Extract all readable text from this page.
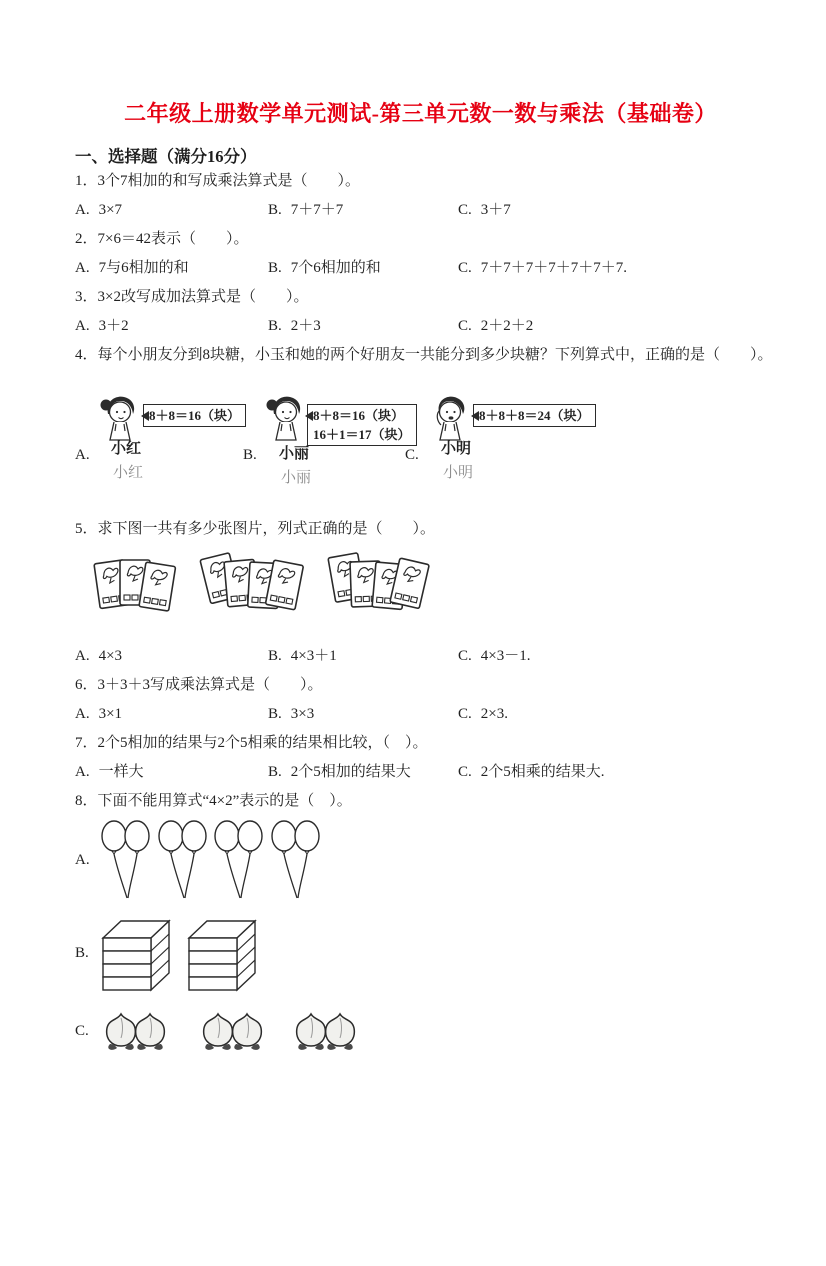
二年级上册数学单元测试-第三单元数一数与乘法（基础卷）
一、选择题（满分16分）
1．3个7相加的和写成乘法算式是（　　）。
A. 3×7	B. 7＋7＋7	C. 3＋7
2．7×6＝42表示（　　）。
A. 7与6相加的和	B. 7个6相加的和	C. 7＋7＋7＋7＋7＋7＋7.
3．3×2改写成加法算式是（　　）。
A. 3＋2	B. 2＋3	C. 2＋2＋2
4．每个小朋友分到8块糖，小玉和她的两个好朋友一共能分到多少块糖？下列算式中，正确的是（　　）。
A.
8＋8＝16（块）
小红
小红
B.
8＋8＝16（块）
16＋1＝17（块）
小丽
小丽
C.
8＋8＋8＝24（块）
小明
小明
5．求下图一共有多少张图片，列式正确的是（　　）。
A. 4×3	B. 4×3＋1	C. 4×3－1.
6．3＋3＋3写成乘法算式是（　　）。
A. 3×1	B. 3×3	C. 2×3.
7．2个5相加的结果与2个5相乘的结果相比较，（　）。
A. 一样大	B. 2个5相加的结果大	C. 2个5相乘的结果大.
8．下面不能用算式“4×2”表示的是（　）。
A.
B.
C.
